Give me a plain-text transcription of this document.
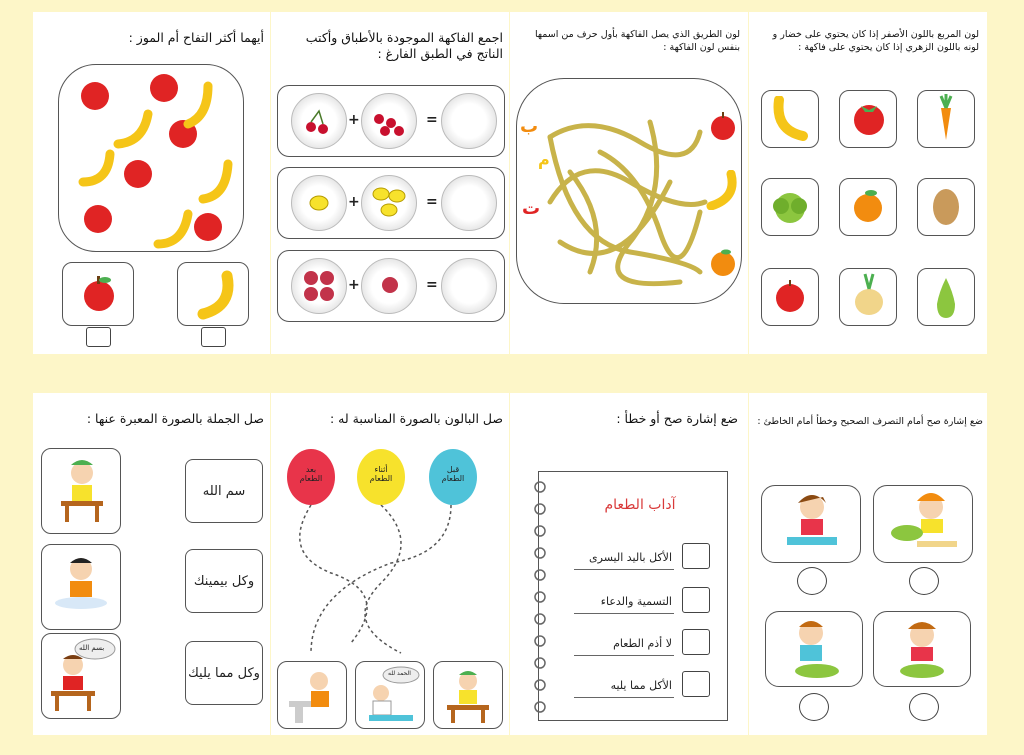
أيهما أكثر التفاح أم الموز :	اجمع الفاكهة الموجودة بالأطباق وأكتب الناتج في الطبق الفارغ :
+	=
+	=
+	=
لون الطريق الذي يصل الفاكهة بأول حرف من اسمها بنفس لون الفاكهة :
ب
م
ت
لون المربع باللون الأصفر إذا كان يحتوي على خضار و لونه باللون الزهري إذا كان يحتوي على فاكهة :
صل الجملة بالصورة المعبرة عنها :
بسم الله
سم الله
وكل بيمينك
وكل مما يليك
صل البالون بالصورة المناسبة له :
بعد الطعام
أثناء الطعام
قبل الطعام
الحمد لله
ضع إشارة صح أو خطأ :
آداب الطعام
الأكل باليد اليسرى
التسمية والدعاء
لا أذم الطعام
الأكل مما يليه
ضع إشارة صح أمام التصرف الصحيح وخطأ أمام الخاطئ :
